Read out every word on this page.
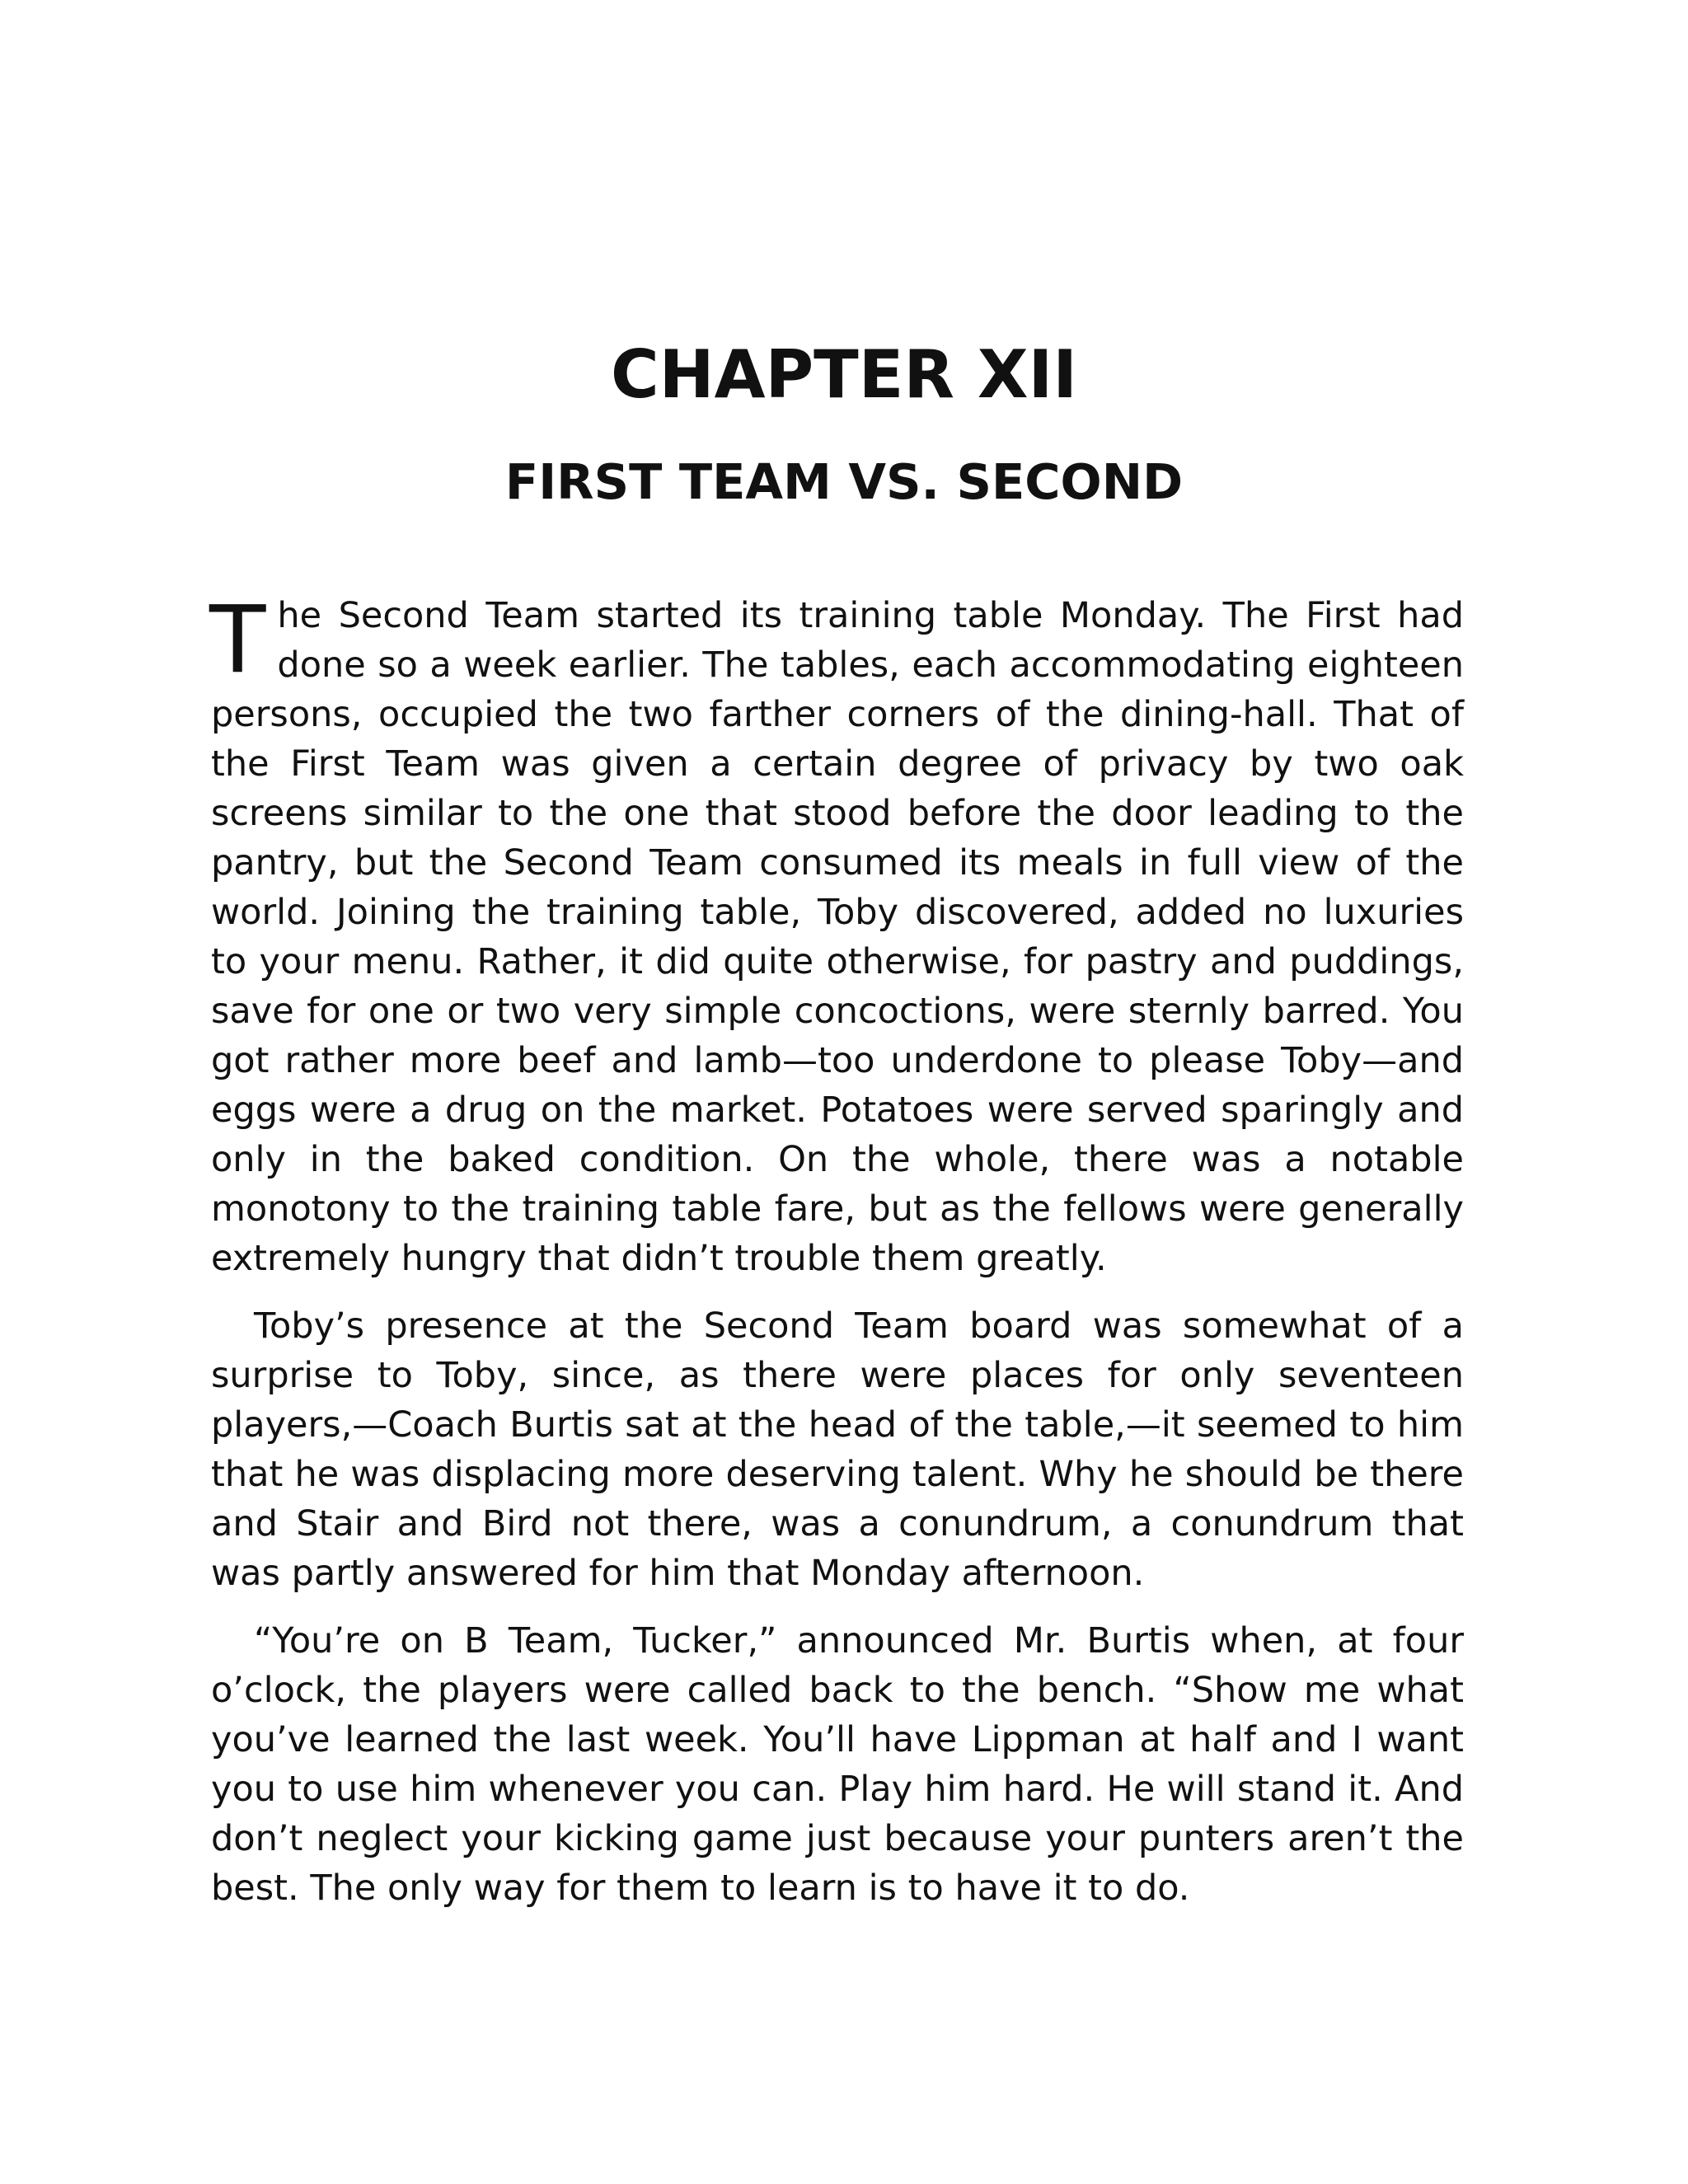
CHAPTER XII
FIRST TEAM VS. SECOND

The Second Team started its training table Monday. The First had done so a week earlier. The tables, each accommodating eighteen persons, occupied the two farther corners of the dining-hall. That of the First Team was given a certain degree of privacy by two oak screens similar to the one that stood before the door leading to the pantry, but the Second Team consumed its meals in full view of the world. Joining the training table, Toby discovered, added no luxuries to your menu. Rather, it did quite otherwise, for pastry and puddings, save for one or two very simple concoctions, were sternly barred. You got rather more beef and lamb—too underdone to please Toby—and eggs were a drug on the market. Potatoes were served sparingly and only in the baked condition. On the whole, there was a notable monotony to the training table fare, but as the fellows were generally extremely hungry that didn’t trouble them greatly.

Toby’s presence at the Second Team board was somewhat of a surprise to Toby, since, as there were places for only seventeen players,—Coach Burtis sat at the head of the table,—it seemed to him that he was displacing more deserving talent. Why he should be there and Stair and Bird not there, was a conundrum, a conundrum that was partly answered for him that Monday afternoon.

“You’re on B Team, Tucker,” announced Mr. Burtis when, at four o’clock, the players were called back to the bench. “Show me what you’ve learned the last week. You’ll have Lippman at half and I want you to use him whenever you can. Play him hard. He will stand it. And don’t neglect your kicking game just because your punters aren’t the best. The only way for them to learn is to have it to do.
